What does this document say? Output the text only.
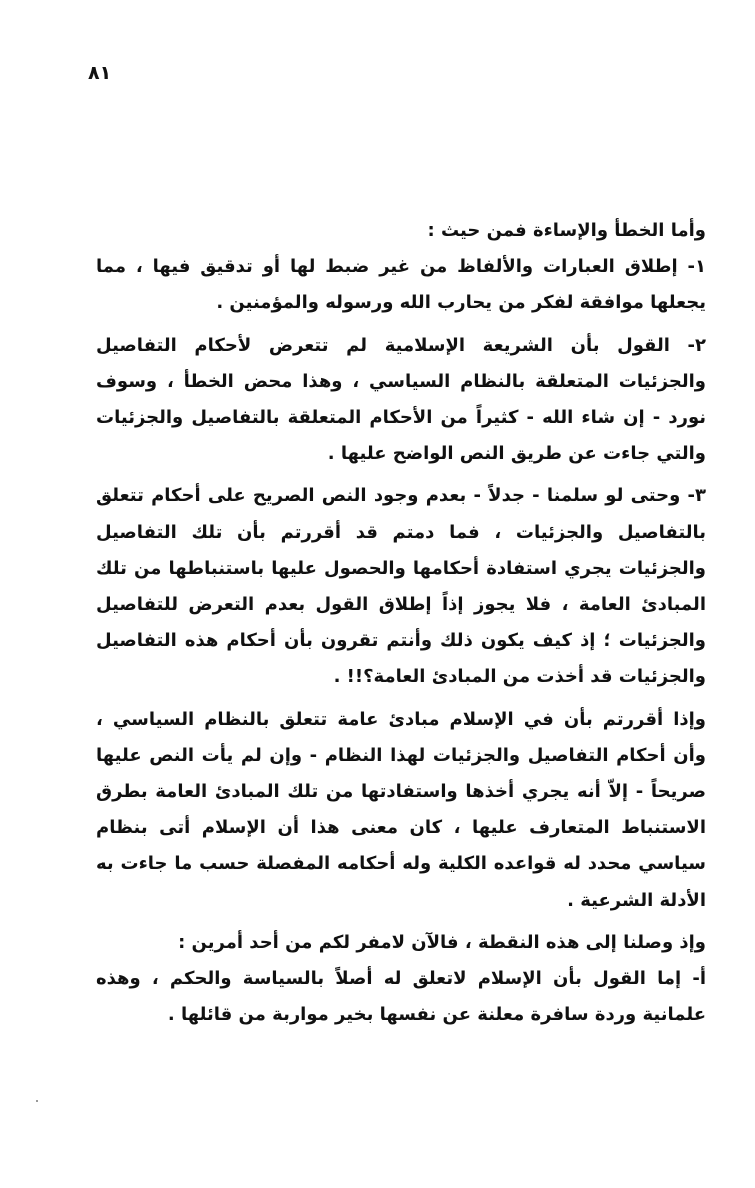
٨١

وأما الخطأ والإساءة فمن حيث :

١- إطلاق العبارات والألفاظ من غير ضبط لها أو تدقيق فيها ، مما يجعلها موافقة لفكر من يحارب الله ورسوله والمؤمنين .

٢- القول بأن الشريعة الإسلامية لم تتعرض لأحكام التفاصيل والجزئيات المتعلقة بالنظام السياسي ، وهذا محض الخطأ ، وسوف نورد - إن شاء الله - كثيراً من الأحكام المتعلقة بالتفاصيل والجزئيات والتي جاءت عن طريق النص الواضح عليها .

٣- وحتى لو سلمنا - جدلاً - بعدم وجود النص الصريح على أحكام تتعلق بالتفاصيل والجزئيات ، فما دمتم قد أقررتم بأن تلك التفاصيل والجزئيات يجري استفادة أحكامها والحصول عليها باستنباطها من تلك المبادئ العامة ، فلا يجوز إذاً إطلاق القول بعدم التعرض للتفاصيل والجزئيات ؛ إذ كيف يكون ذلك وأنتم تقرون بأن أحكام هذه التفاصيل والجزئيات قد أخذت من المبادئ العامة؟!! .

وإذا أقررتم بأن في الإسلام مبادئ عامة تتعلق بالنظام السياسي ، وأن أحكام التفاصيل والجزئيات لهذا النظام - وإن لم يأت النص عليها صريحاً - إلاّ أنه يجري أخذها واستفادتها من تلك المبادئ العامة بطرق الاستنباط المتعارف عليها ، كان معنى هذا أن الإسلام أتى بنظام سياسي محدد له قواعده الكلية وله أحكامه المفصلة حسب ما جاءت به الأدلة الشرعية .

وإذ وصلنا إلى هذه النقطة ، فالآن لامفر لكم من أحد أمرين :

أ- إما القول بأن الإسلام لاتعلق له أصلاً بالسياسة والحكم ، وهذه علمانية وردة سافرة معلنة عن نفسها بخير مواربة من قائلها .
